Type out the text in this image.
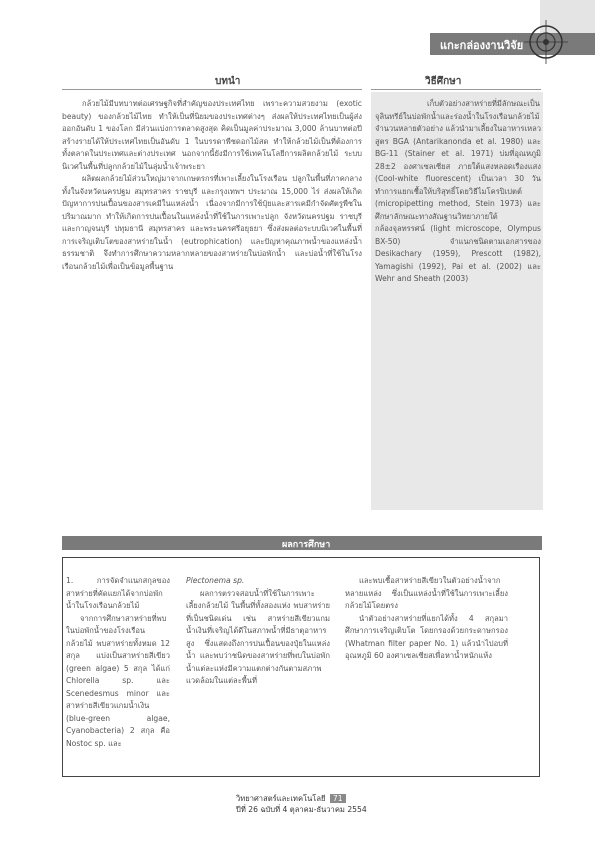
แกะกล่องงานวิจัย
บทนำ	วิธีศึกษา

กล้วยไม้มีบทบาทต่อเศรษฐกิจที่สำคัญของประเทศไทย เพราะความสวยงาม (exotic beauty) ของกล้วยไม้ไทย ทำให้เป็นที่นิยมของประเทศต่างๆ ส่งผลให้ประเทศไทยเป็นผู้ส่งออกอันดับ 1 ของโลก มีส่วนแบ่งการตลาดสูงสุด คิดเป็นมูลค่าประมาณ 3,000 ล้านบาทต่อปี สร้างรายได้ให้ประเทศไทยเป็นอันดับ 1 ในบรรดาพืชดอกไม้สด ทำให้กล้วยไม้เป็นที่ต้องการทั้งตลาดในประเทศและต่างประเทศ นอกจากนี้ยังมีการใช้เทคโนโลยีการผลิตกล้วยไม้ ระบบนิเวศในพื้นที่ปลูกกล้วยไม้ในลุ่มน้ำเจ้าพระยา

ผลิตผลกล้วยไม้ส่วนใหญ่มาจากเกษตรกรที่เพาะเลี้ยงในโรงเรือน ปลูกในพื้นที่ภาคกลาง ทั้งในจังหวัดนครปฐม สมุทรสาคร ราชบุรี และกรุงเทพฯ ประมาณ 15,000 ไร่ ส่งผลให้เกิดปัญหาการปนเปื้อนของสารเคมีในแหล่งน้ำ เนื่องจากมีการใช้ปุ๋ยและสารเคมีกำจัดศัตรูพืชในปริมาณมาก ทำให้เกิดการปนเปื้อนในแหล่งน้ำที่ใช้ในการเพาะปลูก จังหวัดนครปฐม ราชบุรี และกาญจนบุรี ปทุมธานี สมุทรสาคร และพระนครศรีอยุธยา ซึ่งส่งผลต่อระบบนิเวศในพื้นที่ การเจริญเติบโตของสาหร่ายในน้ำ (eutrophication) และปัญหาคุณภาพน้ำของแหล่งน้ำธรรมชาติ จึงทำการศึกษาความหลากหลายของสาหร่ายในบ่อพักน้ำ และบ่อน้ำที่ใช้ในโรงเรือนกล้วยไม้เพื่อเป็นข้อมูลพื้นฐาน

เก็บตัวอย่างสาหร่ายที่มีลักษณะเป็นจุลินทรีย์ในบ่อพักน้ำและร่องน้ำในโรงเรือนกล้วยไม้ จำนวนหลายตัวอย่าง แล้วนำมาเลี้ยงในอาหารเหลวสูตร BGA (Antarikanonda et al. 1980) และ BG-11 (Stainer et al. 1971) บ่มที่อุณหภูมิ 28±2 องศาเซลเซียส ภายใต้แสงหลอดเรืองแสง (Cool-white fluorescent) เป็นเวลา 30 วัน ทำการแยกเชื้อให้บริสุทธิ์โดยวิธีไมโครปิเปตต์ (micropipetting method, Stein 1973) และศึกษาลักษณะทางสัณฐานวิทยาภายใต้กล้องจุลทรรศน์ (light microscope, Olympus BX-50) จำแนกชนิดตามเอกสารของ Desikachary (1959), Prescott (1982), Yamagishi (1992), Pai et al. (2002) และ Wehr and Sheath (2003)

ผลการศึกษา

1. การจัดจำแนกสกุลของสาหร่ายที่คัดแยกได้จากบ่อพักน้ำในโรงเรือนกล้วยไม้

จากการศึกษาสาหร่ายที่พบในบ่อพักน้ำของโรงเรือนกล้วยไม้ พบสาหร่ายทั้งหมด 12 สกุล แบ่งเป็นสาหร่ายสีเขียว (green algae) 5 สกุล ได้แก่ Chlorella sp. และ Scenedesmus minor และสาหร่ายสีเขียวแกมน้ำเงิน (blue-green algae, Cyanobacteria) 2 สกุล คือ Nostoc sp. และ

Plectonema sp.

ผลการตรวจสอบน้ำที่ใช้ในการเพาะเลี้ยงกล้วยไม้ ในพื้นที่ทั้งสองแห่ง พบสาหร่ายที่เป็นชนิดเด่น เช่น สาหร่ายสีเขียวแกมน้ำเงินที่เจริญได้ดีในสภาพน้ำที่มีธาตุอาหารสูง ซึ่งแสดงถึงการปนเปื้อนของปุ๋ยในแหล่งน้ำ และพบว่าชนิดของสาหร่ายที่พบในบ่อพักน้ำแต่ละแห่งมีความแตกต่างกันตามสภาพแวดล้อมในแต่ละพื้นที่

และพบเชื้อสาหร่ายสีเขียวในตัวอย่างน้ำจากหลายแหล่ง ซึ่งเป็นแหล่งน้ำที่ใช้ในการเพาะเลี้ยงกล้วยไม้โดยตรง

นำตัวอย่างสาหร่ายที่แยกได้ทั้ง 4 สกุลมาศึกษาการเจริญเติบโต โดยกรองด้วยกระดาษกรอง (Whatman filter paper No. 1) แล้วนำไปอบที่อุณหภูมิ 60 องศาเซลเซียสเพื่อหาน้ำหนักแห้ง

วิทยาศาสตร์และเทคโนโลยี 71
ปีที่ 26 ฉบับที่ 4 ตุลาคม-ธันวาคม 2554
